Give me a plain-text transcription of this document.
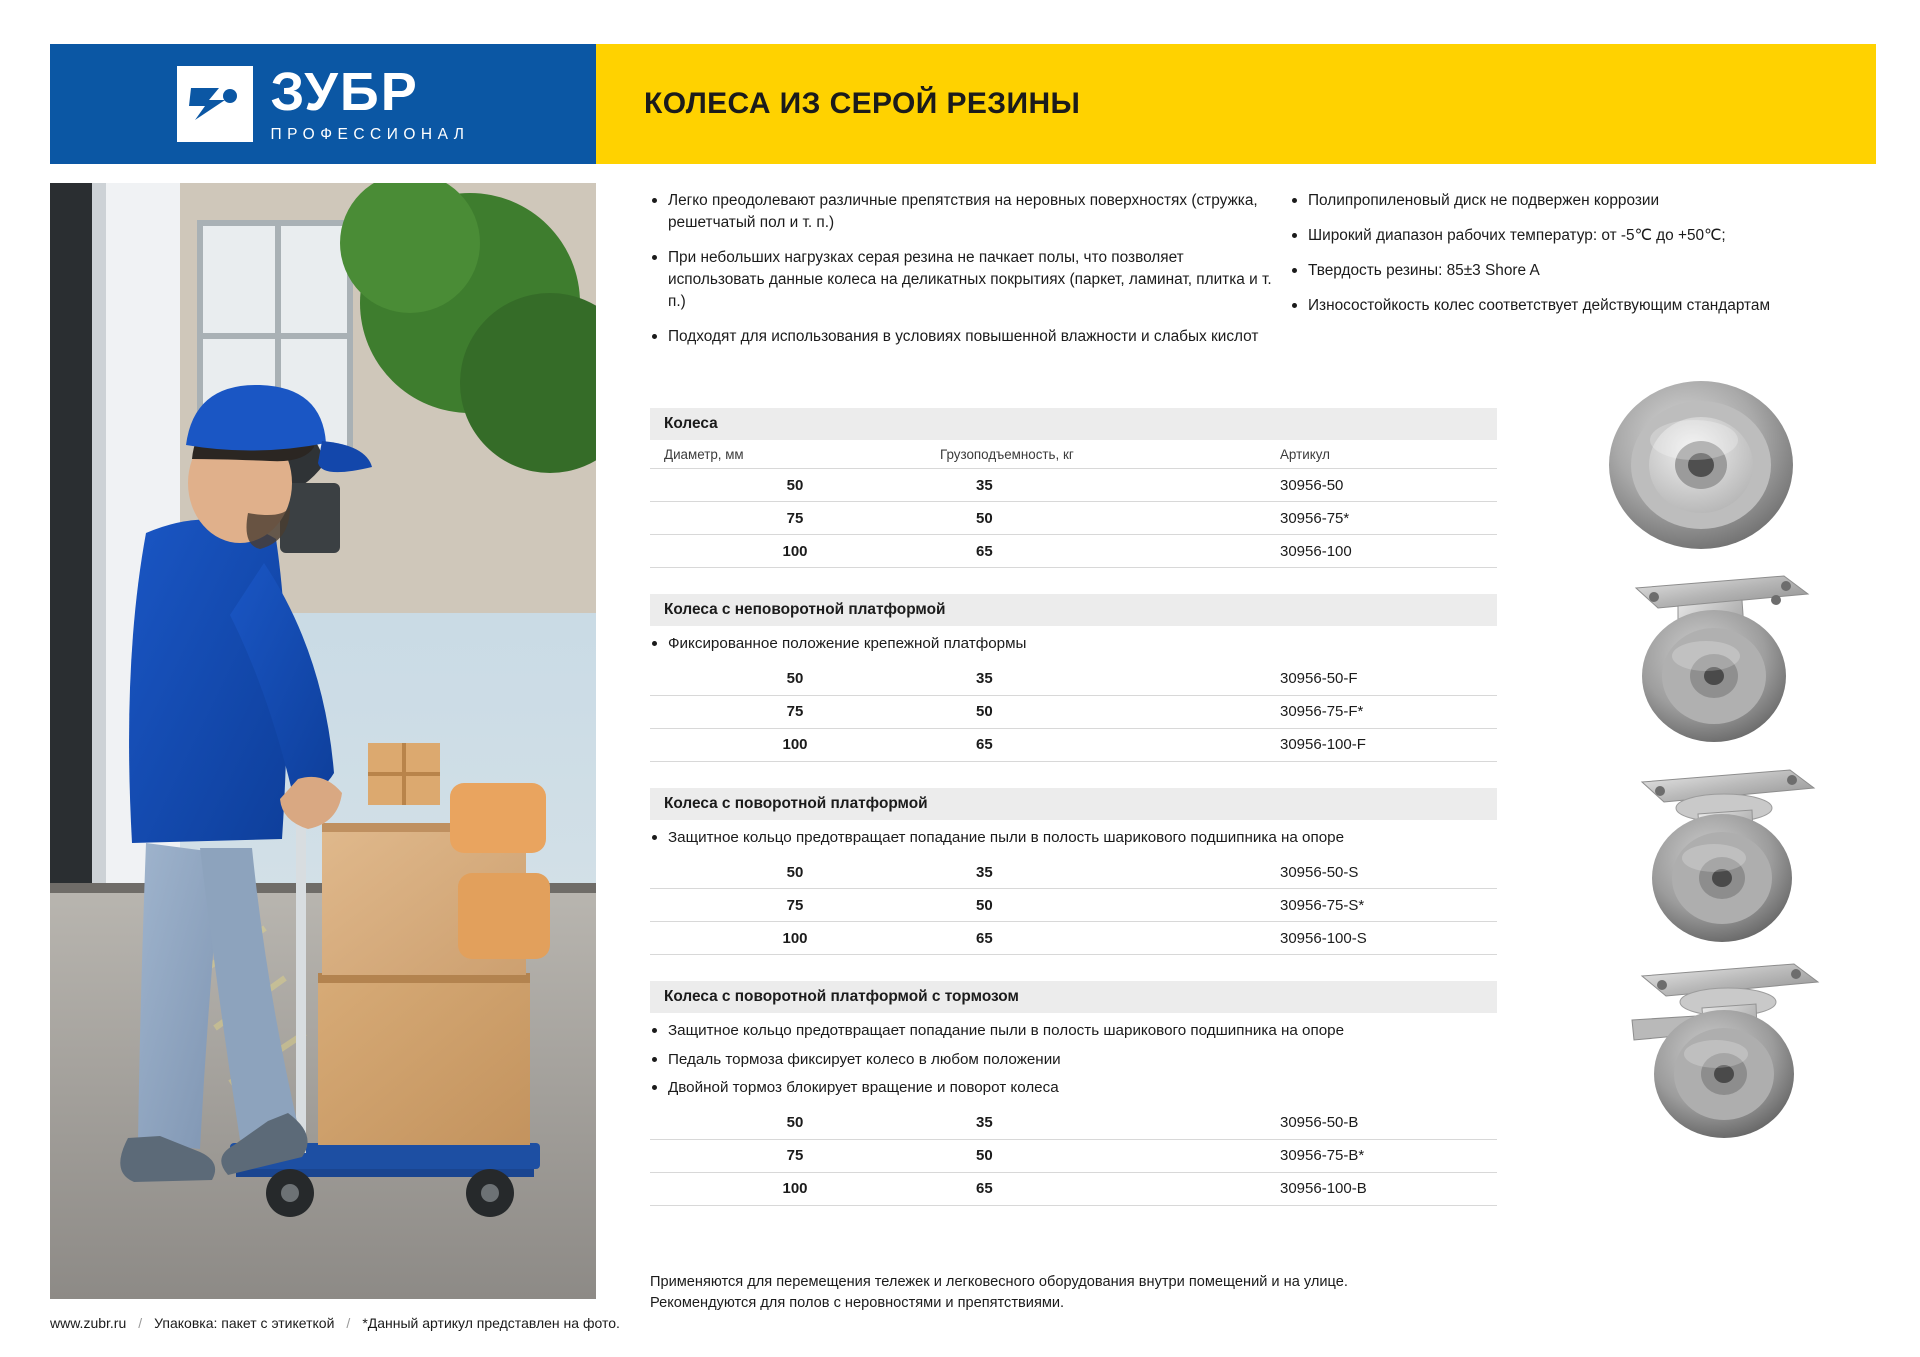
ЗУБР
ПРОФЕССИОНАЛ
КОЛЕСА ИЗ СЕРОЙ РЕЗИНЫ
Легко преодолевают различные препятствия на неровных поверхностях (стружка, решетчатый пол и т. п.)
При небольших нагрузках серая резина не пачкает полы, что позволяет использовать данные колеса на деликатных покрытиях (паркет, ламинат, плитка и т. п.)
Подходят для использования в условиях повышенной влажности и слабых кислот
Полипропиленовый диск не подвержен коррозии
Широкий диапазон рабочих температур: от -5℃ до +50℃;
Твердость резины: 85±3 Shore A
Износостойкость колес соответствует действующим стандартам
Колеса
Диаметр, мм	Грузоподъемность, кг	Артикул
50	35	30956-50
75	50	30956-75*
100	65	30956-100
Колеса с неповоротной платформой
Фиксированное положение крепежной платформы
50	35	30956-50-F
75	50	30956-75-F*
100	65	30956-100-F
Колеса с поворотной платформой
Защитное кольцо предотвращает попадание пыли в полость шарикового подшипника на опоре
50	35	30956-50-S
75	50	30956-75-S*
100	65	30956-100-S
Колеса с поворотной платформой с тормозом
Защитное кольцо предотвращает попадание пыли в полость шарикового подшипника на опоре
Педаль тормоза фиксирует колесо в любом положении
Двойной тормоз блокирует вращение и поворот колеса
50	35	30956-50-B
75	50	30956-75-B*
100	65	30956-100-B
Применяются для перемещения тележек и легковесного оборудования внутри помещений и на улице.
Рекомендуются для полов с неровностями и препятствиями.
www.zubr.ru / Упаковка: пакет с этикеткой / *Данный артикул представлен на фото.
